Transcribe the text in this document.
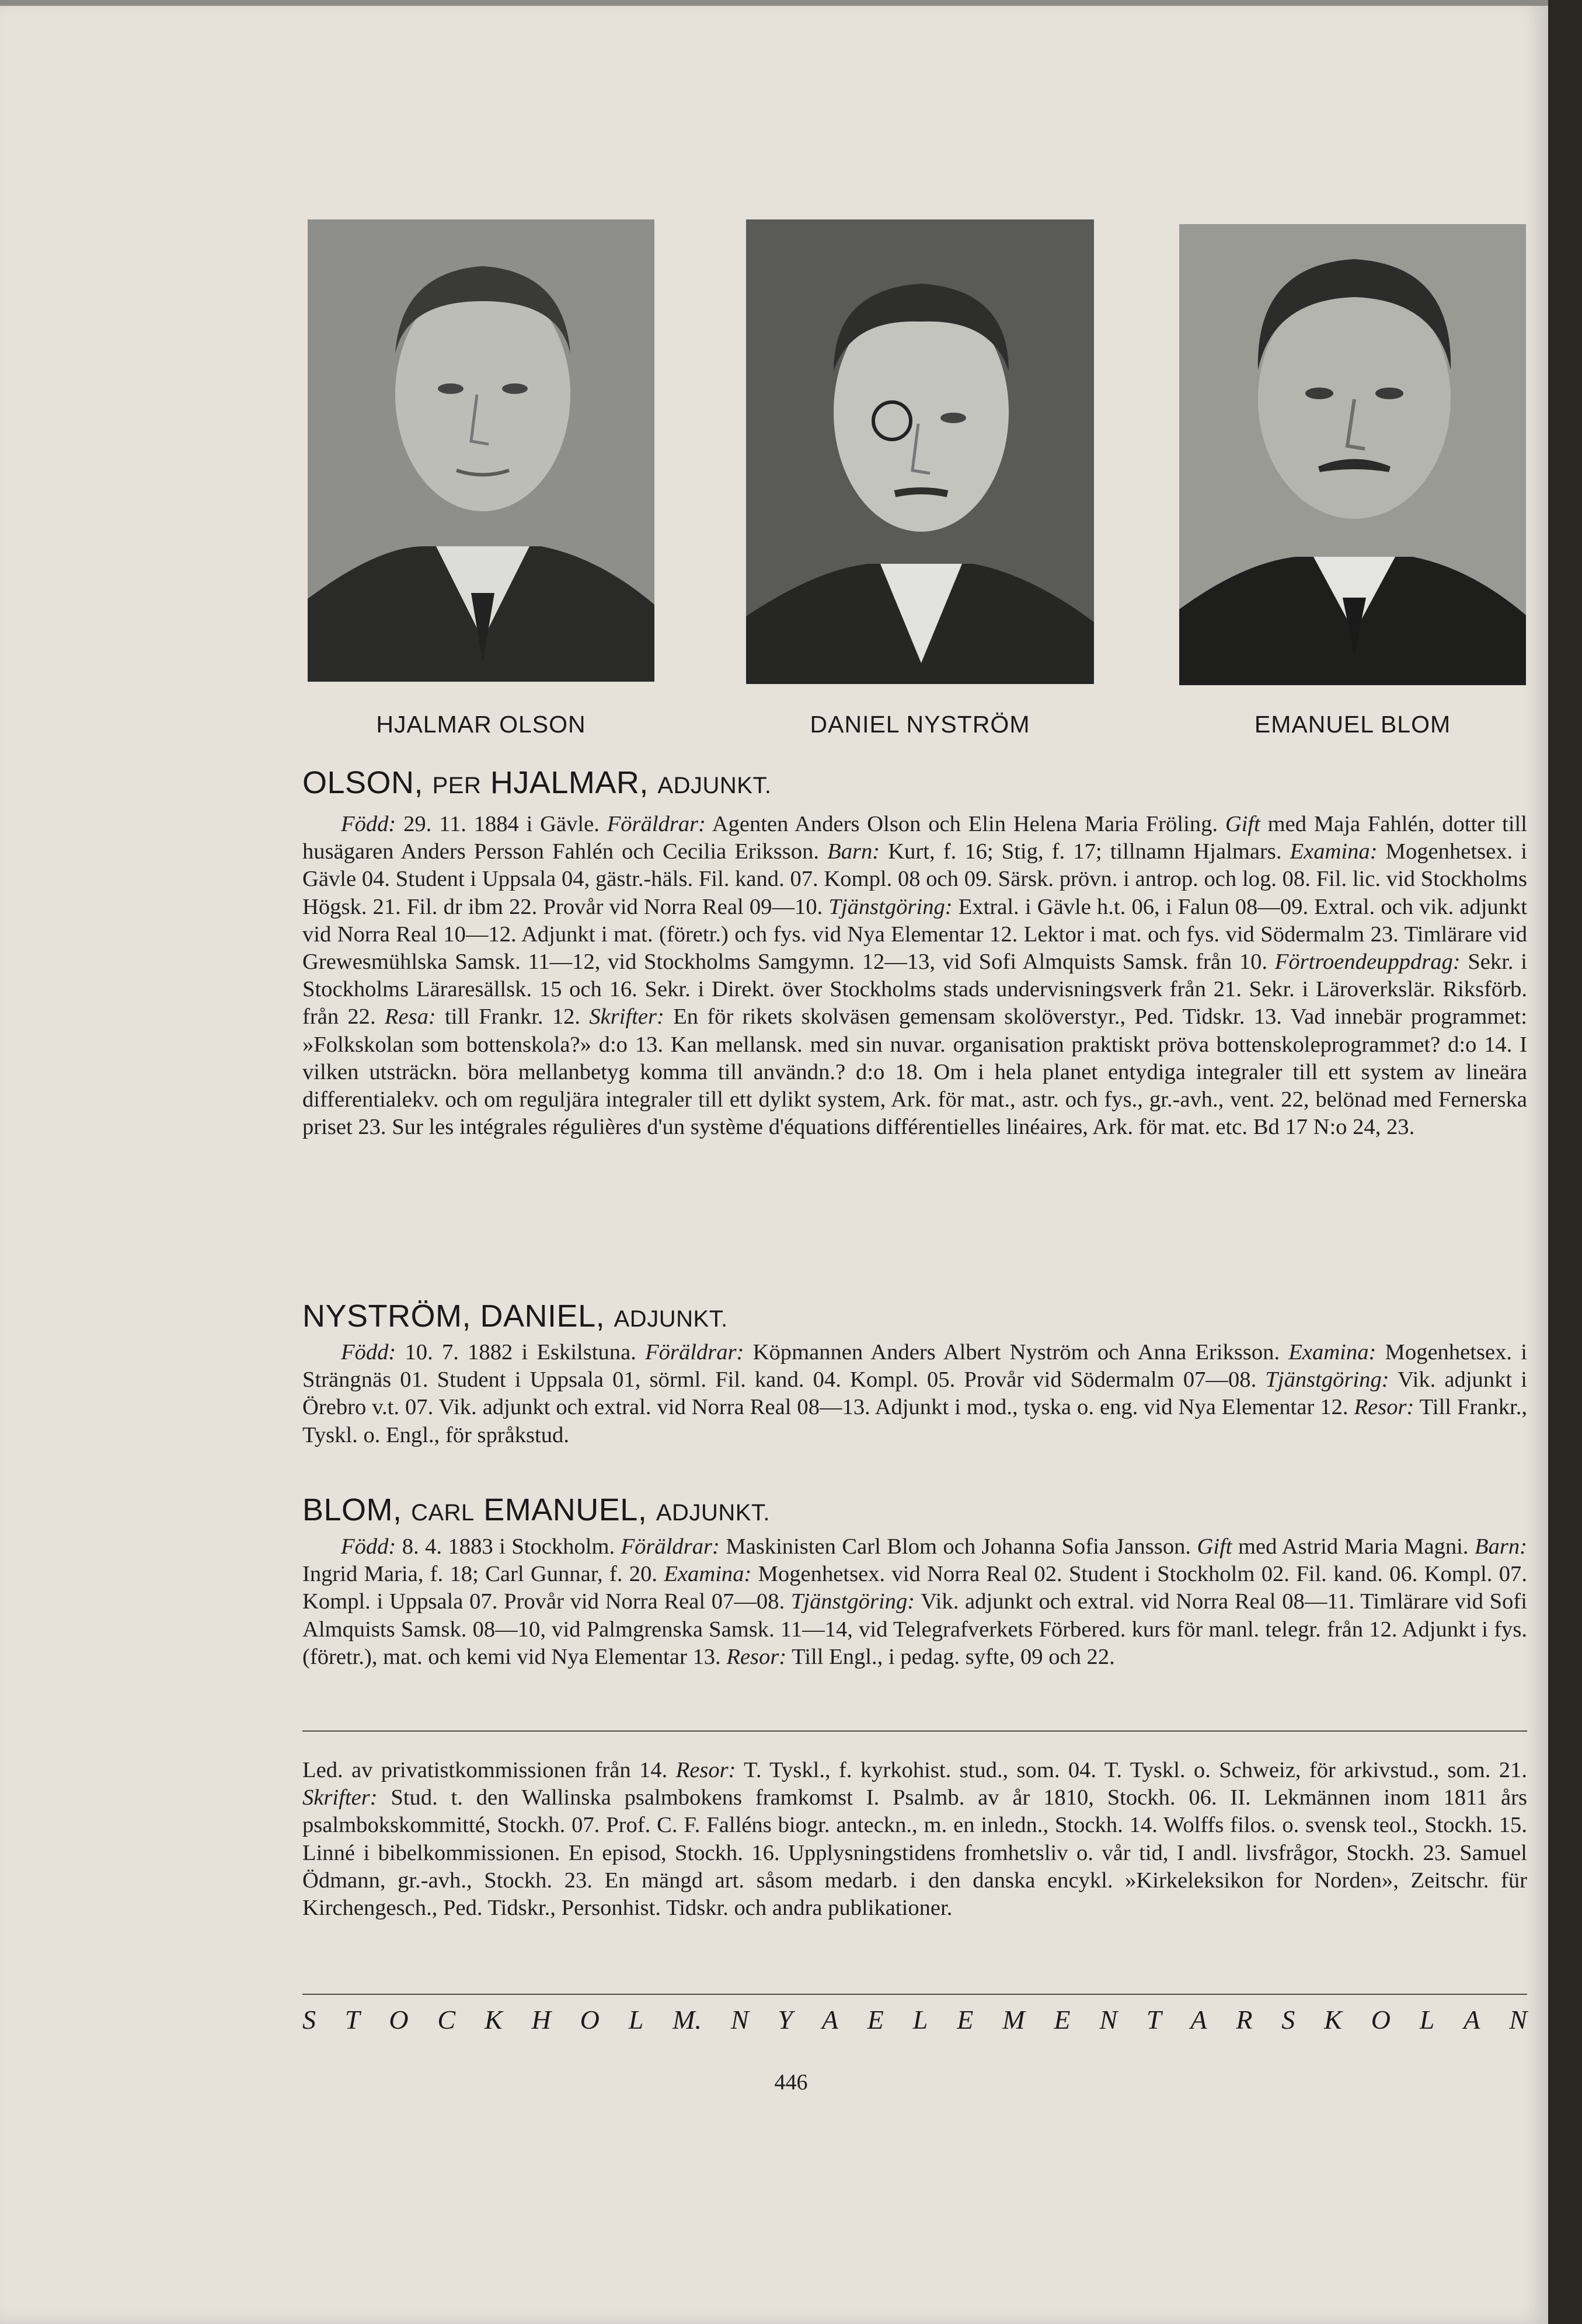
HJALMAR OLSON	DANIEL NYSTRÖM	EMANUEL BLOM
OLSON, PER HJALMAR, ADJUNKT.

Född: 29. 11. 1884 i Gävle. Föräldrar: Agenten Anders Olson och Elin Helena Maria Fröling. Gift med Maja Fahlén, dotter till husägaren Anders Persson Fahlén och Cecilia Eriksson. Barn: Kurt, f. 16; Stig, f. 17; tillnamn Hjalmars. Examina: Mogenhetsex. i Gävle 04. Student i Uppsala 04, gästr.-häls. Fil. kand. 07. Kompl. 08 och 09. Särsk. prövn. i antrop. och log. 08. Fil. lic. vid Stockholms Högsk. 21. Fil. dr ibm 22. Provår vid Norra Real 09—10. Tjänstgöring: Extral. i Gävle h.t. 06, i Falun 08—09. Extral. och vik. adjunkt vid Norra Real 10—12. Adjunkt i mat. (företr.) och fys. vid Nya Elementar 12. Lektor i mat. och fys. vid Södermalm 23. Timlärare vid Grewesmühlska Samsk. 11—12, vid Stockholms Samgymn. 12—13, vid Sofi Almquists Samsk. från 10. Förtroendeuppdrag: Sekr. i Stockholms Läraresällsk. 15 och 16. Sekr. i Direkt. över Stockholms stads undervisningsverk från 21. Sekr. i Läroverkslär. Riksförb. från 22. Resa: till Frankr. 12. Skrifter: En för rikets skolväsen gemensam skolöverstyr., Ped. Tidskr. 13. Vad innebär programmet: »Folkskolan som bottenskola?» d:o 13. Kan mellansk. med sin nuvar. organisation praktiskt pröva bottenskoleprogrammet? d:o 14. I vilken utsträckn. böra mellanbetyg komma till användn.? d:o 18. Om i hela planet entydiga integraler till ett system av lineära differentialekv. och om reguljära integraler till ett dylikt system, Ark. för mat., astr. och fys., gr.-avh., vent. 22, belönad med Fernerska priset 23. Sur les intégrales régulières d'un système d'équations différentielles linéaires, Ark. för mat. etc. Bd 17 N:o 24, 23.

NYSTRÖM, DANIEL, ADJUNKT.

Född: 10. 7. 1882 i Eskilstuna. Föräldrar: Köpmannen Anders Albert Nyström och Anna Eriksson. Examina: Mogenhetsex. i Strängnäs 01. Student i Uppsala 01, sörml. Fil. kand. 04. Kompl. 05. Provår vid Södermalm 07—08. Tjänstgöring: Vik. adjunkt i Örebro v.t. 07. Vik. adjunkt och extral. vid Norra Real 08—13. Adjunkt i mod., tyska o. eng. vid Nya Elementar 12. Resor: Till Frankr., Tyskl. o. Engl., för språkstud.

BLOM, CARL EMANUEL, ADJUNKT.

Född: 8. 4. 1883 i Stockholm. Föräldrar: Maskinisten Carl Blom och Johanna Sofia Jansson. Gift med Astrid Maria Magni. Barn: Ingrid Maria, f. 18; Carl Gunnar, f. 20. Examina: Mogenhetsex. vid Norra Real 02. Student i Stockholm 02. Fil. kand. 06. Kompl. 07. Kompl. i Uppsala 07. Provår vid Norra Real 07—08. Tjänstgöring: Vik. adjunkt och extral. vid Norra Real 08—11. Timlärare vid Sofi Almquists Samsk. 08—10, vid Palmgrenska Samsk. 11—14, vid Telegrafverkets Förbered. kurs för manl. telegr. från 12. Adjunkt i fys. (företr.), mat. och kemi vid Nya Elementar 13. Resor: Till Engl., i pedag. syfte, 09 och 22.

Led. av privatistkommissionen från 14. Resor: T. Tyskl., f. kyrkohist. stud., som. 04. T. Tyskl. o. Schweiz, för arkivstud., som. 21. Skrifter: Stud. t. den Wallinska psalmbokens framkomst I. Psalmb. av år 1810, Stockh. 06. II. Lekmännen inom 1811 års psalmbokskommitté, Stockh. 07. Prof. C. F. Falléns biogr. anteckn., m. en inledn., Stockh. 14. Wolffs filos. o. svensk teol., Stockh. 15. Linné i bibelkommissionen. En episod, Stockh. 16. Upplysningstidens fromhetsliv o. vår tid, I andl. livsfrågor, Stockh. 23. Samuel Ödmann, gr.-avh., Stockh. 23. En mängd art. såsom medarb. i den danska encykl. »Kirkeleksikon for Norden», Zeitschr. für Kirchengesch., Ped. Tidskr., Personhist. Tidskr. och andra publikationer.

S T O C K H O L M. N Y A E L E M E N T A R S K O L A N
446
